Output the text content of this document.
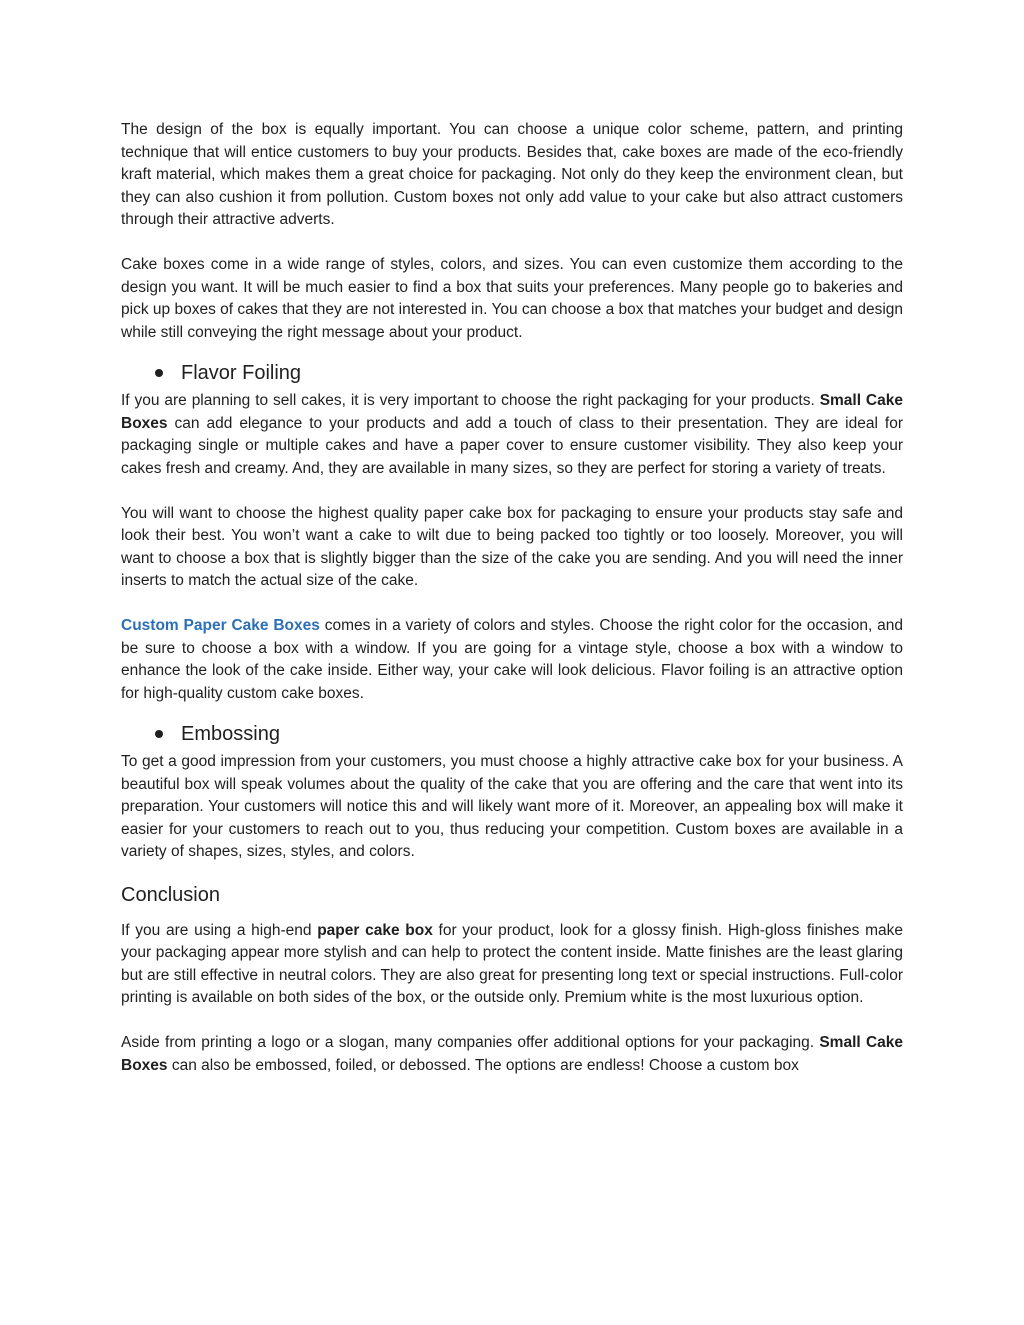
The design of the box is equally important. You can choose a unique color scheme, pattern, and printing technique that will entice customers to buy your products. Besides that, cake boxes are made of the eco-friendly kraft material, which makes them a great choice for packaging. Not only do they keep the environment clean, but they can also cushion it from pollution. Custom boxes not only add value to your cake but also attract customers through their attractive adverts.

Cake boxes come in a wide range of styles, colors, and sizes. You can even customize them according to the design you want. It will be much easier to find a box that suits your preferences. Many people go to bakeries and pick up boxes of cakes that they are not interested in. You can choose a box that matches your budget and design while still conveying the right message about your product.

Flavor Foiling

If you are planning to sell cakes, it is very important to choose the right packaging for your products. Small Cake Boxes can add elegance to your products and add a touch of class to their presentation. They are ideal for packaging single or multiple cakes and have a paper cover to ensure customer visibility. They also keep your cakes fresh and creamy. And, they are available in many sizes, so they are perfect for storing a variety of treats.

You will want to choose the highest quality paper cake box for packaging to ensure your products stay safe and look their best. You won’t want a cake to wilt due to being packed too tightly or too loosely. Moreover, you will want to choose a box that is slightly bigger than the size of the cake you are sending. And you will need the inner inserts to match the actual size of the cake.

Custom Paper Cake Boxes comes in a variety of colors and styles. Choose the right color for the occasion, and be sure to choose a box with a window. If you are going for a vintage style, choose a box with a window to enhance the look of the cake inside. Either way, your cake will look delicious. Flavor foiling is an attractive option for high-quality custom cake boxes.

Embossing

To get a good impression from your customers, you must choose a highly attractive cake box for your business. A beautiful box will speak volumes about the quality of the cake that you are offering and the care that went into its preparation. Your customers will notice this and will likely want more of it. Moreover, an appealing box will make it easier for your customers to reach out to you, thus reducing your competition. Custom boxes are available in a variety of shapes, sizes, styles, and colors.

Conclusion

If you are using a high-end paper cake box for your product, look for a glossy finish. High-gloss finishes make your packaging appear more stylish and can help to protect the content inside. Matte finishes are the least glaring but are still effective in neutral colors. They are also great for presenting long text or special instructions. Full-color printing is available on both sides of the box, or the outside only. Premium white is the most luxurious option.

Aside from printing a logo or a slogan, many companies offer additional options for your packaging. Small Cake Boxes can also be embossed, foiled, or debossed. The options are endless! Choose a custom box
